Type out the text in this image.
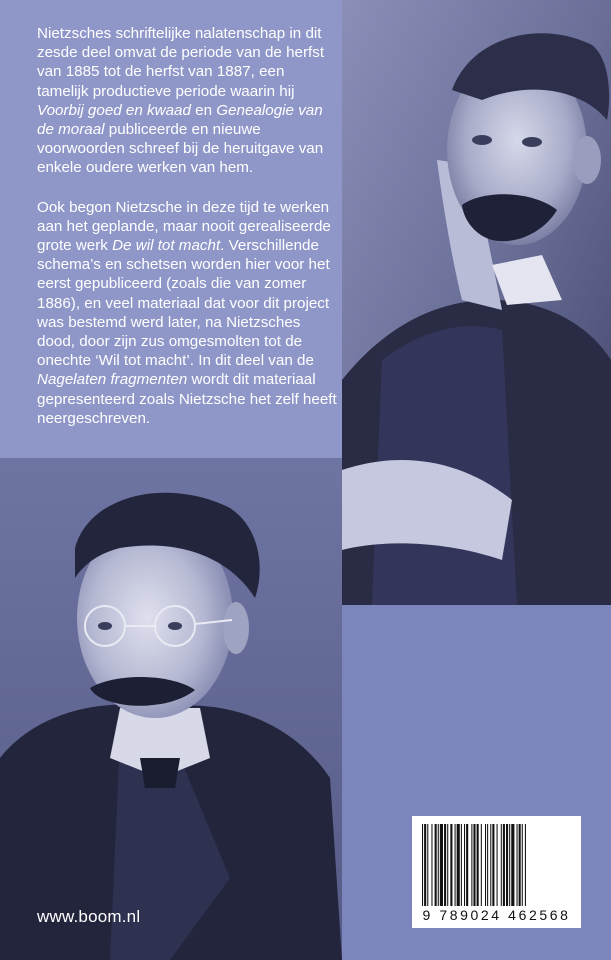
Nietzsches schriftelijke nalatenschap in dit zesde deel omvat de periode van de herfst van 1885 tot de herfst van 1887, een tamelijk productieve periode waarin hij Voorbij goed en kwaad en Genealogie van de moraal publiceerde en nieuwe voorwoorden schreef bij de heruitgave van enkele oudere werken van hem.

Ook begon Nietzsche in deze tijd te werken aan het geplande, maar nooit gerealiseerde grote werk De wil tot macht. Verschillende schema’s en schetsen worden hier voor het eerst gepubliceerd (zoals die van zomer 1886), en veel materiaal dat voor dit project was bestemd werd later, na Nietzsches dood, door zijn zus omgesmolten tot de onechte ‘Wil tot macht’. In dit deel van de Nagelaten fragmenten wordt dit materiaal gepresenteerd zoals Nietzsche het zelf heeft neergeschreven.

www.boom.nl	9 789024 462568
